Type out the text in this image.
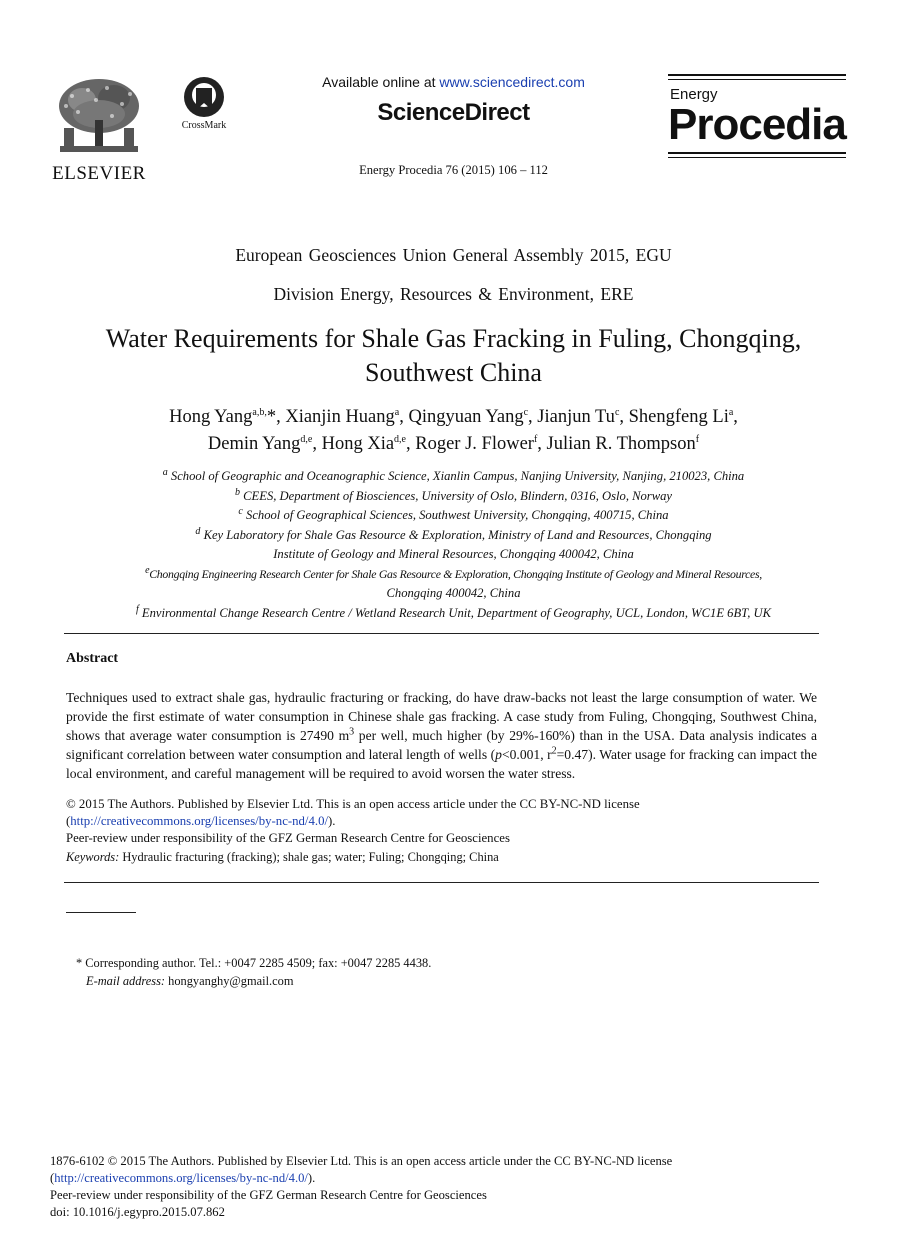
ELSEVIER
CrossMark
Available online at www.sciencedirect.com
ScienceDirect
Energy Procedia 76 (2015) 106 – 112
Energy
Procedia
European Geosciences Union General Assembly 2015, EGU
Division Energy, Resources & Environment, ERE
Water Requirements for Shale Gas Fracking in Fuling, Chongqing,
Southwest China
Hong Yang$^{a,b,}$*, Xianjin Huang$^a$, Qingyuan Yang$^c$, Jianjun Tu$^c$, Shengfeng Li$^a$,
Demin Yang$^{d,e}$, Hong Xia$^{d,e}$, Roger J. Flower$^f$, Julian R. Thompson$^f$
$^a$ School of Geographic and Oceanographic Science, Xianlin Campus, Nanjing University, Nanjing, 210023, China
$^b$ CEES, Department of Biosciences, University of Oslo, Blindern, 0316, Oslo, Norway
$^c$ School of Geographical Sciences, Southwest University, Chongqing, 400715, China
$^d$ Key Laboratory for Shale Gas Resource & Exploration, Ministry of Land and Resources, Chongqing
Institute of Geology and Mineral Resources, Chongqing 400042, China
$^e$Chongqing Engineering Research Center for Shale Gas Resource & Exploration, Chongqing Institute of Geology and Mineral Resources,
Chongqing 400042, China
$^f$ Environmental Change Research Centre / Wetland Research Unit, Department of Geography, UCL, London, WC1E 6BT, UK
Abstract
Techniques used to extract shale gas, hydraulic fracturing or fracking, do have draw-backs not least the large consumption of water. We provide the first estimate of water consumption in Chinese shale gas fracking. A case study from Fuling, Chongqing, Southwest China, shows that average water consumption is 27490 $m^3$ per well, much higher (by 29%-160%) than in the USA. Data analysis indicates a significant correlation between water consumption and lateral length of wells (p<0.001, $r^2=0.47$). Water usage for fracking can impact the local environment, and careful management will be required to avoid worsen the water stress.
© 2015 The Authors. Published by Elsevier Ltd. This is an open access article under the CC BY-NC-ND license
(http://creativecommons.org/licenses/by-nc-nd/4.0/).
Peer-review under responsibility of the GFZ German Research Centre for Geosciences
Keywords: Hydraulic fracturing (fracking); shale gas; water; Fuling; Chongqing; China
* Corresponding author. Tel.: +0047 2285 4509; fax: +0047 2285 4438.
E-mail address: hongyanghy@gmail.com
1876-6102 © 2015 The Authors. Published by Elsevier Ltd. This is an open access article under the CC BY-NC-ND license
(http://creativecommons.org/licenses/by-nc-nd/4.0/).
Peer-review under responsibility of the GFZ German Research Centre for Geosciences
doi: 10.1016/j.egypro.2015.07.862
